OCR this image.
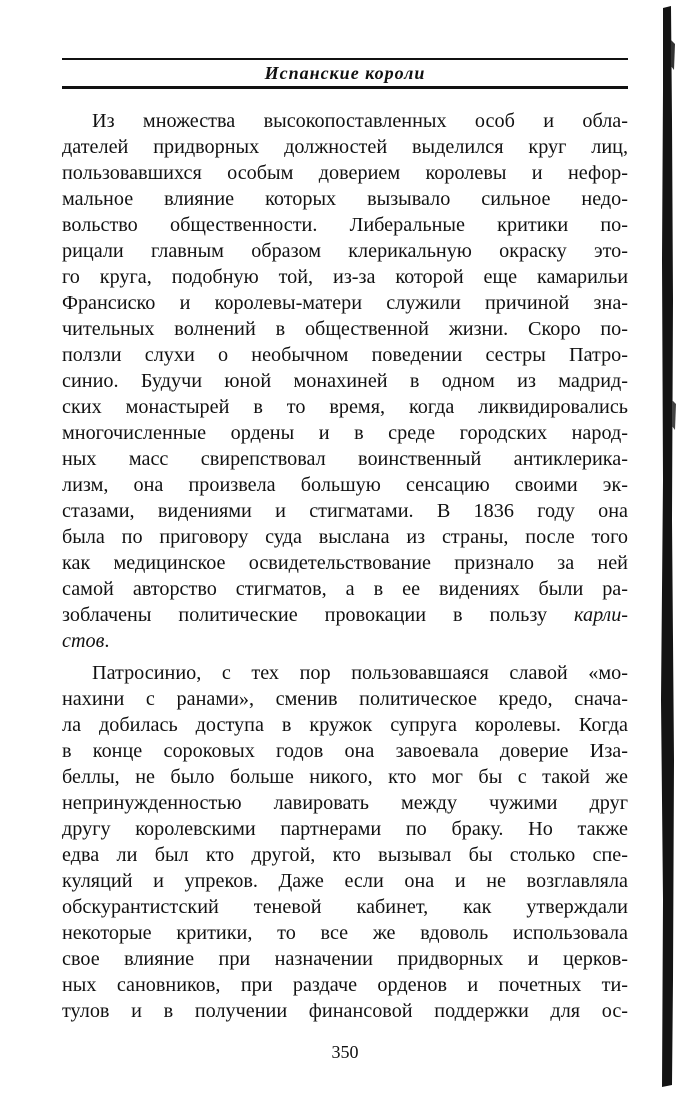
Испанские короли
Из множества высокопоставленных особ и обла-
дателей придворных должностей выделился круг лиц,
пользовавшихся особым доверием королевы и нефор-
мальное влияние которых вызывало сильное недо-
вольство общественности. Либеральные критики по-
рицали главным образом клерикальную окраску это-
го круга, подобную той, из-за которой еще камарильи
Франсиско и королевы-матери служили причиной зна-
чительных волнений в общественной жизни. Скоро по-
ползли слухи о необычном поведении сестры Патро-
синио. Будучи юной монахиней в одном из мадрид-
ских монастырей в то время, когда ликвидировались
многочисленные ордены и в среде городских народ-
ных масс свирепствовал воинственный антиклерика-
лизм, она произвела большую сенсацию своими эк-
стазами, видениями и стигматами. В 1836 году она
была по приговору суда выслана из страны, после того
как медицинское освидетельствование признало за ней
самой авторство стигматов, а в ее видениях были ра-
зоблачены политические провокации в пользу карли-
стов.
Патросинио, с тех пор пользовавшаяся славой «мо-
нахини с ранами», сменив политическое кредо, снача-
ла добилась доступа в кружок супруга королевы. Когда
в конце сороковых годов она завоевала доверие Иза-
беллы, не было больше никого, кто мог бы с такой же
непринужденностью лавировать между чужими друг
другу королевскими партнерами по браку. Но также
едва ли был кто другой, кто вызывал бы столько спе-
куляций и упреков. Даже если она и не возглавляла
обскурантистский теневой кабинет, как утверждали
некоторые критики, то все же вдоволь использовала
свое влияние при назначении придворных и церков-
ных сановников, при раздаче орденов и почетных ти-
тулов и в получении финансовой поддержки для ос-
350
